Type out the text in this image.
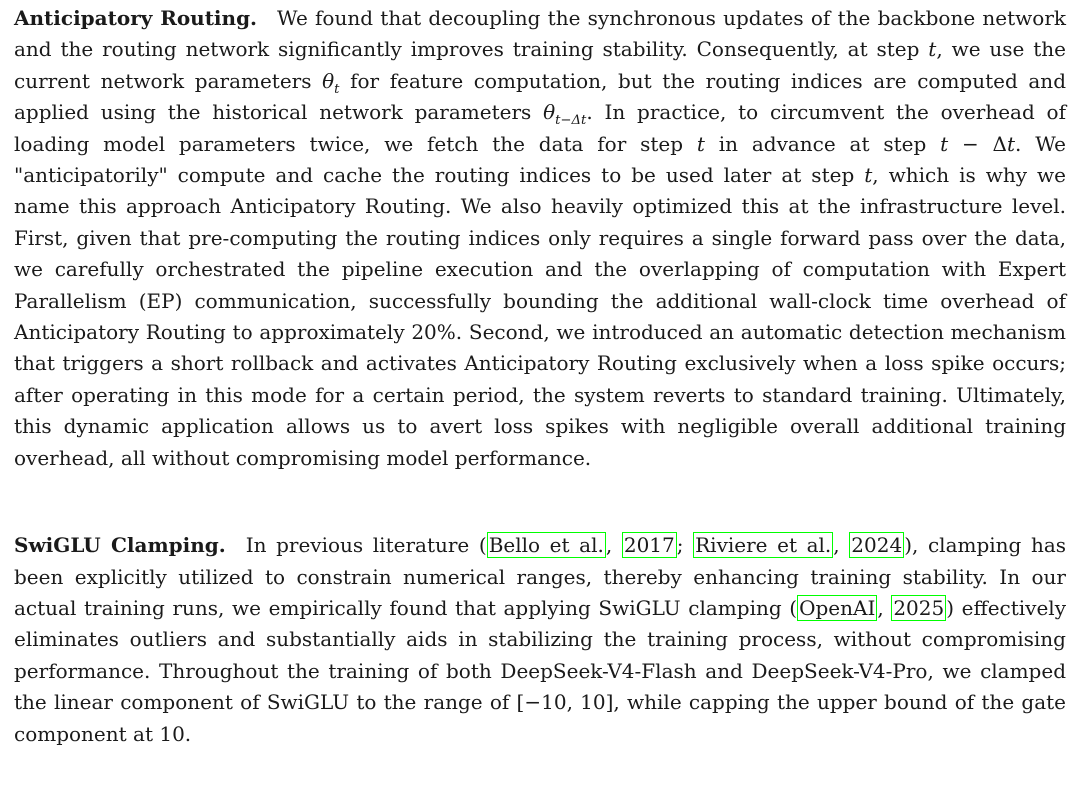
Anticipatory Routing. We found that decoupling the synchronous updates of the backbone network and the routing network significantly improves training stability. Consequently, at step t, we use the current network parameters $\theta_t$ for feature computation, but the routing indices are computed and applied using the historical network parameters $\theta_{t-\Delta t}$. In practice, to circumvent the overhead of loading model parameters twice, we fetch the data for step t in advance at step t − Δt. We "anticipatorily" compute and cache the routing indices to be used later at step t, which is why we name this approach Anticipatory Routing. We also heavily optimized this at the infrastructure level. First, given that pre-computing the routing indices only requires a single forward pass over the data, we carefully orchestrated the pipeline execution and the overlapping of computation with Expert Parallelism (EP) communication, successfully bounding the additional wall-clock time overhead of Anticipatory Routing to approximately 20%. Second, we introduced an automatic detection mechanism that triggers a short rollback and activates Anticipatory Routing exclusively when a loss spike occurs; after operating in this mode for a certain period, the system reverts to standard training. Ultimately, this dynamic application allows us to avert loss spikes with negligible overall additional training overhead, all without compromising model performance.

SwiGLU Clamping. In previous literature ( Bello et al. , 2017 ; Riviere et al. , 2024 ), clamping has been explicitly utilized to constrain numerical ranges, thereby enhancing training stability. In our actual training runs, we empirically found that applying SwiGLU clamping ( OpenAI , 2025 ) effectively eliminates outliers and substantially aids in stabilizing the training process, without compromising performance. Throughout the training of both DeepSeek-V4-Flash and DeepSeek-V4-Pro, we clamped the linear component of SwiGLU to the range of [−10, 10], while capping the upper bound of the gate component at 10.
